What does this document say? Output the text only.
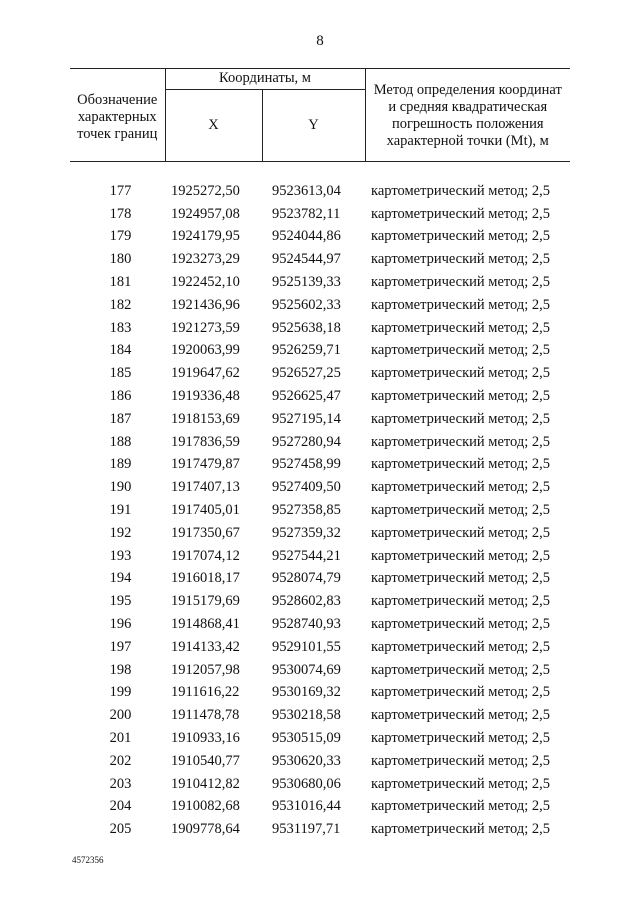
8
Обозначение характерных точек границ	Координаты, м		Метод определения координат и средняя квадратическая погрешность положения характерной точки (Mt), м
	X	Y	

177	1925272,50	9523613,04	картометрический метод; 2,5
178	1924957,08	9523782,11	картометрический метод; 2,5
179	1924179,95	9524044,86	картометрический метод; 2,5
180	1923273,29	9524544,97	картометрический метод; 2,5
181	1922452,10	9525139,33	картометрический метод; 2,5
182	1921436,96	9525602,33	картометрический метод; 2,5
183	1921273,59	9525638,18	картометрический метод; 2,5
184	1920063,99	9526259,71	картометрический метод; 2,5
185	1919647,62	9526527,25	картометрический метод; 2,5
186	1919336,48	9526625,47	картометрический метод; 2,5
187	1918153,69	9527195,14	картометрический метод; 2,5
188	1917836,59	9527280,94	картометрический метод; 2,5
189	1917479,87	9527458,99	картометрический метод; 2,5
190	1917407,13	9527409,50	картометрический метод; 2,5
191	1917405,01	9527358,85	картометрический метод; 2,5
192	1917350,67	9527359,32	картометрический метод; 2,5
193	1917074,12	9527544,21	картометрический метод; 2,5
194	1916018,17	9528074,79	картометрический метод; 2,5
195	1915179,69	9528602,83	картометрический метод; 2,5
196	1914868,41	9528740,93	картометрический метод; 2,5
197	1914133,42	9529101,55	картометрический метод; 2,5
198	1912057,98	9530074,69	картометрический метод; 2,5
199	1911616,22	9530169,32	картометрический метод; 2,5
200	1911478,78	9530218,58	картометрический метод; 2,5
201	1910933,16	9530515,09	картометрический метод; 2,5
202	1910540,77	9530620,33	картометрический метод; 2,5
203	1910412,82	9530680,06	картометрический метод; 2,5
204	1910082,68	9531016,44	картометрический метод; 2,5
205	1909778,64	9531197,71	картометрический метод; 2,5
4572356
